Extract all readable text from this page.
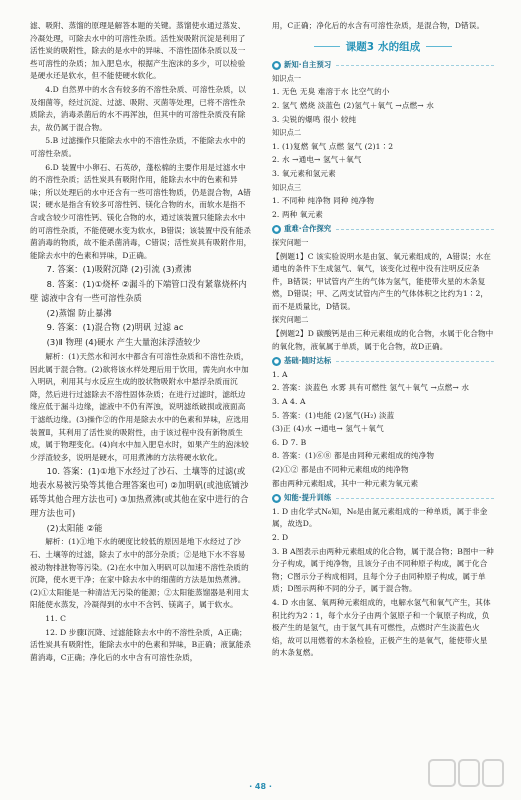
滤、吸附、蒸馏的原理是解答本题的关键。蒸馏使水通过蒸发、冷凝处理，可除去水中的可溶性杂质。活性炭吸附沉淀是利用了活性炭的吸附性，除去的是水中的异味、不溶性固体杂质以及一些可溶性的杂质；加入肥皂水，根据产生泡沫的多少，可以检验是硬水还是软水，但不能使硬水软化。

4.D 自然界中的水含有较多的不溶性杂质、可溶性杂质，以及细菌等，经过沉淀、过滤、吸附、灭菌等处理，已将不溶性杂质除去，消毒杀菌后的水不再浑浊，但其中的可溶性杂质没有除去，故仍属于混合物。

5.B 过滤操作只能除去水中的不溶性杂质，不能除去水中的可溶性杂质。

6.D 装置中小卵石、石英砂，蓬松棉的主要作用是过滤水中的不溶性杂质；活性炭具有吸附作用，能除去水中的色素和异味；所以处理后的水中还含有一些可溶性物质，仍是混合物，A错误；硬水是指含有较多可溶性钙、镁化合物的水，而软水是指不含或含较少可溶性钙、镁化合物的水，通过该装置只能除去水中的可溶性杂质，不能使硬水变为软水，B错误；该装置中没有能杀菌消毒的物质，故不能杀菌消毒，C错误；活性炭具有吸附作用，能除去水中的色素和异味，D正确。

7. 答案：(1)吸附沉降 (2)引流 (3)煮沸

8. 答案：(1)①烧杯 ②漏斗的下端管口没有紧靠烧杯内壁 滤液中含有一些可溶性杂质

(2)蒸馏 防止暴沸

9. 答案：(1)混合物 (2)明矾 过滤 ac

(3)Ⅱ 物理 (4)硬水 产生大量泡沫浮渣较少

解析：(1)天然水和河水中都含有可溶性杂质和不溶性杂质，因此属于混合物。(2)欲将该水样处理后用于饮用，需先向水中加入明矾，利用其与水反应生成的胶状物吸附水中悬浮杂质而沉降，然后进行过滤除去不溶性固体杂质；在进行过滤时，滤纸边缘应低于漏斗边缘，滤液中不仍有浑浊，说明滤纸破损或液面高于滤纸边缘。(3)操作②的作用是除去水中的色素和异味，应选用装置Ⅱ，其利用了活性炭的吸附性，由于该过程中没有新物质生成，属于物理变化。(4)向水中加入肥皂水时，如果产生的泡沫较少浮渣较多，说明是硬水，可用煮沸的方法将硬水软化。

10. 答案：(1)①地下水经过了沙石、土壤等的过滤(或地表水易被污染等其他合理答案也可) ②加明矾(或池底铺沙砾等其他合理方法也可) ③加热煮沸(或其他在家中进行的合理方法也可)

(2)太阳能 ②能

解析：(1)①地下水的硬度比较低的原因是地下水经过了沙石、土壤等的过滤，除去了水中的部分杂质；②是地下水不容易被动物排泄物等污染。(2)在水中加入明矾可以加速不溶性杂质的沉降，使水更干净；在家中除去水中的细菌的方法是加热煮沸。(2)①太阳能是一种清洁无污染的能源；②太阳能蒸馏器是利用太阳能使水蒸发，冷凝得到的水中不含钙、镁离子，属于软水。

11. C

12. D 步骤Ⅰ沉降、过滤能除去水中的不溶性杂质，A正确；活性炭具有吸附性，能除去水中的色素和异味，B正确；液氯能杀菌消毒，C正确；净化后的水中含有可溶性杂质，

用，C正确；净化后的水含有可溶性杂质，是混合物，D错误。

课题3 水的组成
● 新知·自主预习
知识点一

1. 无色 无臭 难溶于水 比空气的小

2. 氢气 燃烧 淡蓝色 (2)氢气＋氧气 →点燃→ 水

3. 尖锐的爆鸣 很小 较纯

知识点二

1. (1)复燃 氧气 点燃 氢气 (2)1∶2

2. 水 →通电→ 氢气＋氧气

3. 氧元素和氢元素

知识点三

1. 不同种 纯净物 同种 纯净物

2. 两种 氧元素

● 重难·合作探究
探究问题一

【例题1】C 该实验说明水是由氢、氧元素组成的，A错误；水在通电的条件下生成氢气、氧气，该变化过程中没有注明反应条件，B错误；甲试管内产生的气体为氢气，能使带火星的木条复燃，D错误；甲、乙两支试管内产生的气体体积之比约为1∶2，而不是质量比，D错误。

探究问题二

【例题2】D 碳酸钙是由三种元素组成的化合物，水属于化合物中的氧化物，液氧属于单质，属于化合物，故D正确。

● 基础·随时达标

1. A

2. 答案：淡蓝色 水雾 具有可燃性 氢气＋氧气 →点燃→ 水

3. A 4. A

5. 答案：(1)电能 (2)氢气(H₂) 淡蓝

(3)正 (4)水 →通电→ 氢气＋氧气

6. D 7. B

8. 答案：(1)⑥⑧ 都是由同种元素组成的纯净物

(2)①② 都是由不同种元素组成的纯净物

都由两种元素组成，其中一种元素为氧元素

● 知能·提升训练

1. D 由化学式N₆知，N₆是由氮元素组成的一种单质，属于非金属，故选D。

2. D

3. B A图表示由两种元素组成的化合物，属于混合物；B图中一种分子构成，属于纯净物，且该分子由不同种原子构成，属于化合物；C图示分子构成相同，且每个分子由同种原子构成，属于单质；D图示两种不同的分子，属于混合物。

4. D 水由氢、氧两种元素组成的，电解水氢气和氧气产生，其体积比约为2∶1，每个水分子由两个氢原子和一个氧原子构成，负极产生的是氢气，由于氢气具有可燃性，点燃时产生淡蓝色火焰，故可以用燃着的木条检验，正极产生的是氧气，能使带火星的木条复燃。

· 48 ·
